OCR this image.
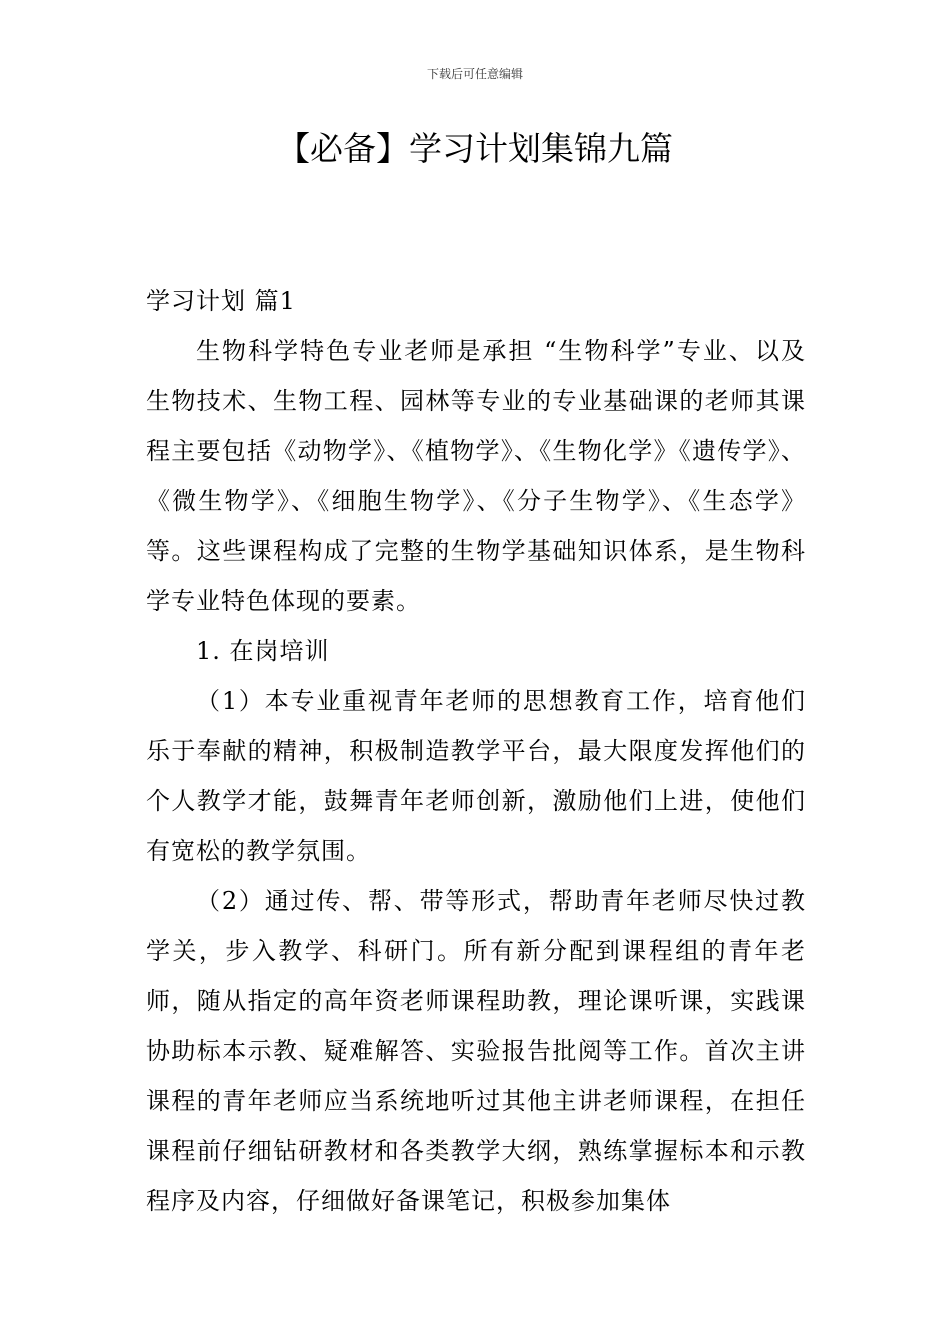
下载后可任意编辑
【必备】学习计划集锦九篇

学习计划 篇1

生物科学特色专业老师是承担 “生物科学”专业、以及生物技术、生物工程、园林等专业的专业基础课的老师其课程主要包括《动物学》、《植物学》、《生物化学》《遗传学》、《微生物学》、《细胞生物学》、《分子生物学》、《生态学》等。这些课程构成了完整的生物学基础知识体系，是生物科学专业特色体现的要素。

1. 在岗培训

（1）本专业重视青年老师的思想教育工作，培育他们乐于奉献的精神，积极制造教学平台，最大限度发挥他们的个人教学才能，鼓舞青年老师创新，激励他们上进，使他们有宽松的教学氛围。

（2）通过传、帮、带等形式，帮助青年老师尽快过教学关，步入教学、科研门。所有新分配到课程组的青年老师，随从指定的高年资老师课程助教，理论课听课，实践课协助标本示教、疑难解答、实验报告批阅等工作。首次主讲课程的青年老师应当系统地听过其他主讲老师课程，在担任课程前仔细钻研教材和各类教学大纲，熟练掌握标本和示教程序及内容，仔细做好备课笔记，积极参加集体
